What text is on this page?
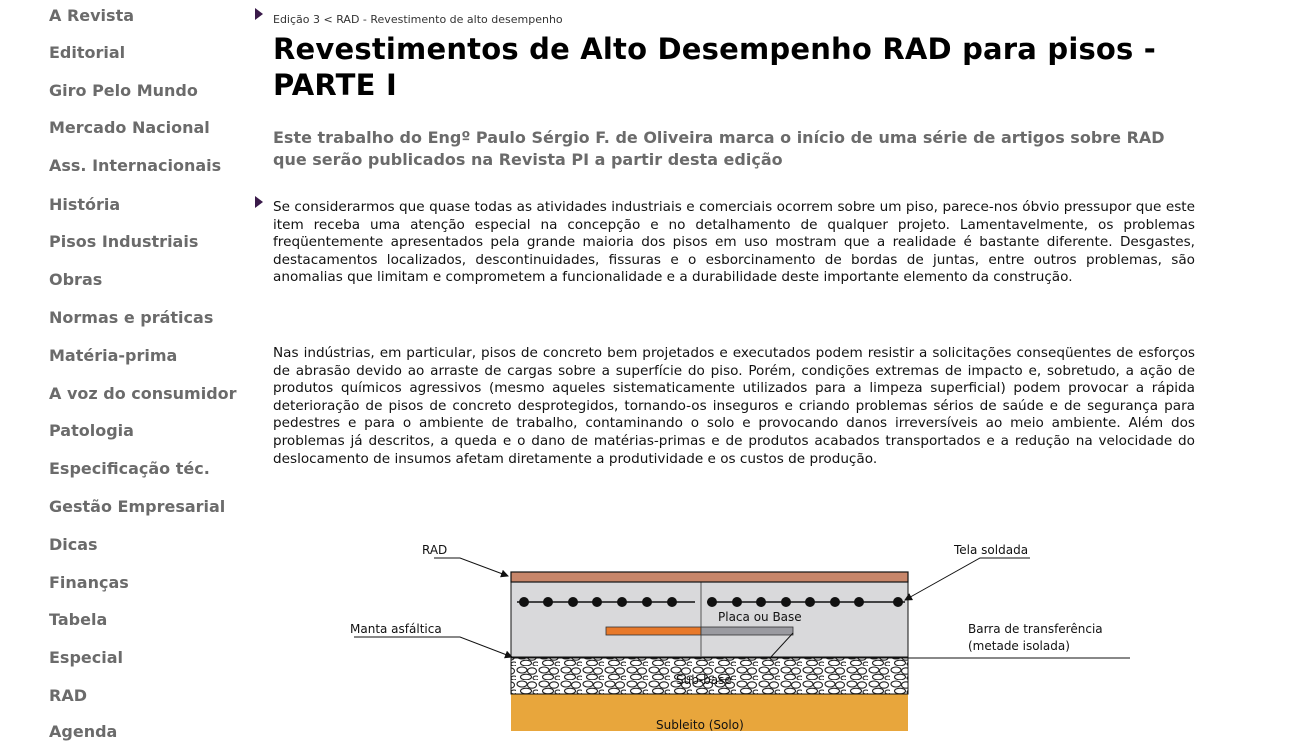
A Revista
Editorial
Giro Pelo Mundo
Mercado Nacional
Ass. Internacionais
História
Pisos Industriais
Obras
Normas e práticas
Matéria-prima
A voz do consumidor
Patologia
Especificação téc.
Gestão Empresarial
Dicas
Finanças
Tabela
Especial
RAD
Agenda
Edição 3 < RAD - Revestimento de alto desempenho
Revestimentos de Alto Desempenho RAD para pisos - PARTE I
Este trabalho do Engº Paulo Sérgio F. de Oliveira marca o início de uma série de artigos sobre RAD que serão publicados na Revista PI a partir desta edição

Se considerarmos que quase todas as atividades industriais e comerciais ocorrem sobre um piso, parece-nos óbvio pressupor que este item receba uma atenção especial na concepção e no detalhamento de qualquer projeto. Lamentavelmente, os problemas freqüentemente apresentados pela grande maioria dos pisos em uso mostram que a realidade é bastante diferente. Desgastes, destacamentos localizados, descontinuidades, fissuras e o esborcinamento de bordas de juntas, entre outros problemas, são anomalias que limitam e comprometem a funcionalidade e a durabilidade deste importante elemento da construção.

Nas indústrias, em particular, pisos de concreto bem projetados e executados podem resistir a solicitações conseqüentes de esforços de abrasão devido ao arraste de cargas sobre a superfície do piso. Porém, condições extremas de impacto e, sobretudo, a ação de produtos químicos agressivos (mesmo aqueles sistematicamente utilizados para a limpeza superficial) podem provocar a rápida deterioração de pisos de concreto desprotegidos, tornando-os inseguros e criando problemas sérios de saúde e de segurança para pedestres e para o ambiente de trabalho, contaminando o solo e provocando danos irreversíveis ao meio ambiente. Além dos problemas já descritos, a queda e o dano de matérias-primas e de produtos acabados transportados e a redução na velocidade do deslocamento de insumos afetam diretamente a produtividade e os custos de produção.

RAD	Tela soldada
Manta asfáltica
Placa ou Base
Barra de transferência
(metade isolada)
Sub-base
Subleito (Solo)
